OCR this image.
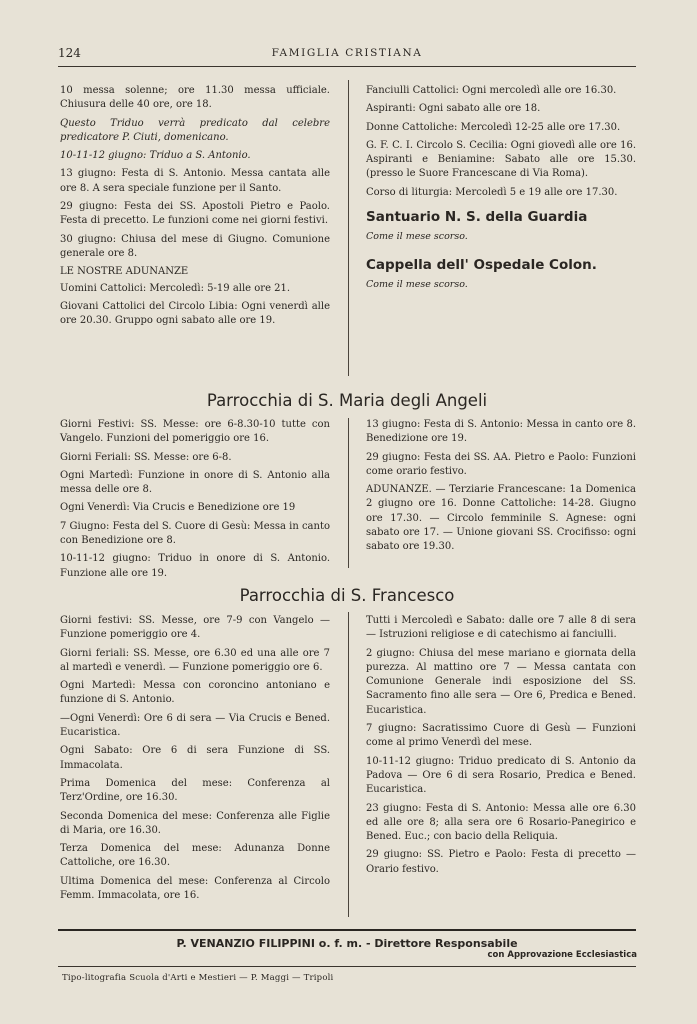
124	FAMIGLIA CRISTIANA

10 messa solenne; ore 11.30 messa ufficiale. Chiusura delle 40 ore, ore 18.

Questo Triduo verrà predicato dal celebre predicatore P. Ciuti, domenicano.

10-11-12 giugno: Triduo a S. Antonio.

13 giugno: Festa di S. Antonio. Messa cantata alle ore 8. A sera speciale funzione per il Santo.

29 giugno: Festa dei SS. Apostoli Pietro e Paolo. Festa di precetto. Le funzioni come nei giorni festivi.

30 giugno: Chiusa del mese di Giugno. Comunione generale ore 8.

LE NOSTRE ADUNANZE

Uomini Cattolici: Mercoledì: 5-19 alle ore 21.

Giovani Cattolici del Circolo Libia: Ogni venerdì alle ore 20.30. Gruppo ogni sabato alle ore 19.

Fanciulli Cattolici: Ogni mercoledì alle ore 16.30.

Aspiranti: Ogni sabato alle ore 18.

Donne Cattoliche: Mercoledì 12-25 alle ore 17.30.

G. F. C. I. Circolo S. Cecilia: Ogni giovedì alle ore 16. Aspiranti e Beniamine: Sabato alle ore 15.30. (presso le Suore Francescane di Via Roma).

Corso di liturgia: Mercoledì 5 e 19 alle ore 17.30.

Santuario N. S. della Guardia
Come il mese scorso.
Cappella dell' Ospedale Colon.
Come il mese scorso.
Parrocchia di S. Maria degli Angeli

Giorni Festivi: SS. Messe: ore 6-8.30-10 tutte con Vangelo. Funzioni del pomeriggio ore 16.

Giorni Feriali: SS. Messe: ore 6-8.

Ogni Martedì: Funzione in onore di S. Antonio alla messa delle ore 8.

Ogni Venerdì: Via Crucis e Benedizione ore 19

7 Giugno: Festa del S. Cuore di Gesù: Messa in canto con Benedizione ore 8.

10-11-12 giugno: Triduo in onore di S. Antonio. Funzione alle ore 19.

13 giugno: Festa di S. Antonio: Messa in canto ore 8. Benedizione ore 19.

29 giugno: Festa dei SS. AA. Pietro e Paolo: Funzioni come orario festivo.

ADUNANZE. — Terziarie Francescane: 1a Domenica 2 giugno ore 16. Donne Cattoliche: 14-28. Giugno ore 17.30. — Circolo femminile S. Agnese: ogni sabato ore 17. — Unione giovani SS. Crocifisso: ogni sabato ore 19.30.

Parrocchia di S. Francesco

Giorni festivi: SS. Messe, ore 7-9 con Vangelo — Funzione pomeriggio ore 4.

Giorni feriali: SS. Messe, ore 6.30 ed una alle ore 7 al martedì e venerdì. — Funzione pomeriggio ore 6.

Ogni Martedì: Messa con coroncino antoniano e funzione di S. Antonio.

—Ogni Venerdì: Ore 6 di sera — Via Crucis e Bened. Eucaristica.

Ogni Sabato: Ore 6 di sera Funzione di SS. Immacolata.

Prima Domenica del mese: Conferenza al Terz'Ordine, ore 16.30.

Seconda Domenica del mese: Conferenza alle Figlie di Maria, ore 16.30.

Terza Domenica del mese: Adunanza Donne Cattoliche, ore 16.30.

Ultima Domenica del mese: Conferenza al Circolo Femm. Immacolata, ore 16.

Tutti i Mercoledì e Sabato: dalle ore 7 alle 8 di sera — Istruzioni religiose e di catechismo ai fanciulli.

2 giugno: Chiusa del mese mariano e giornata della purezza. Al mattino ore 7 — Messa cantata con Comunione Generale indi esposizione del SS. Sacramento fino alle sera — Ore 6, Predica e Bened. Eucaristica.

7 giugno: Sacratissimo Cuore di Gesù — Funzioni come al primo Venerdì del mese.

10-11-12 giugno: Triduo predicato di S. Antonio da Padova — Ore 6 di sera Rosario, Predica e Bened. Eucaristica.

23 giugno: Festa di S. Antonio: Messa alle ore 6.30 ed alle ore 8; alla sera ore 6 Rosario-Panegirico e Bened. Euc.; con bacio della Reliquia.

29 giugno: SS. Pietro e Paolo: Festa di precetto — Orario festivo.

P. VENANZIO FILIPPINI o. f. m. - Direttore Responsabile
con Approvazione Ecclesiastica
Tipo-litografia Scuola d'Arti e Mestieri — P. Maggi — Tripoli
